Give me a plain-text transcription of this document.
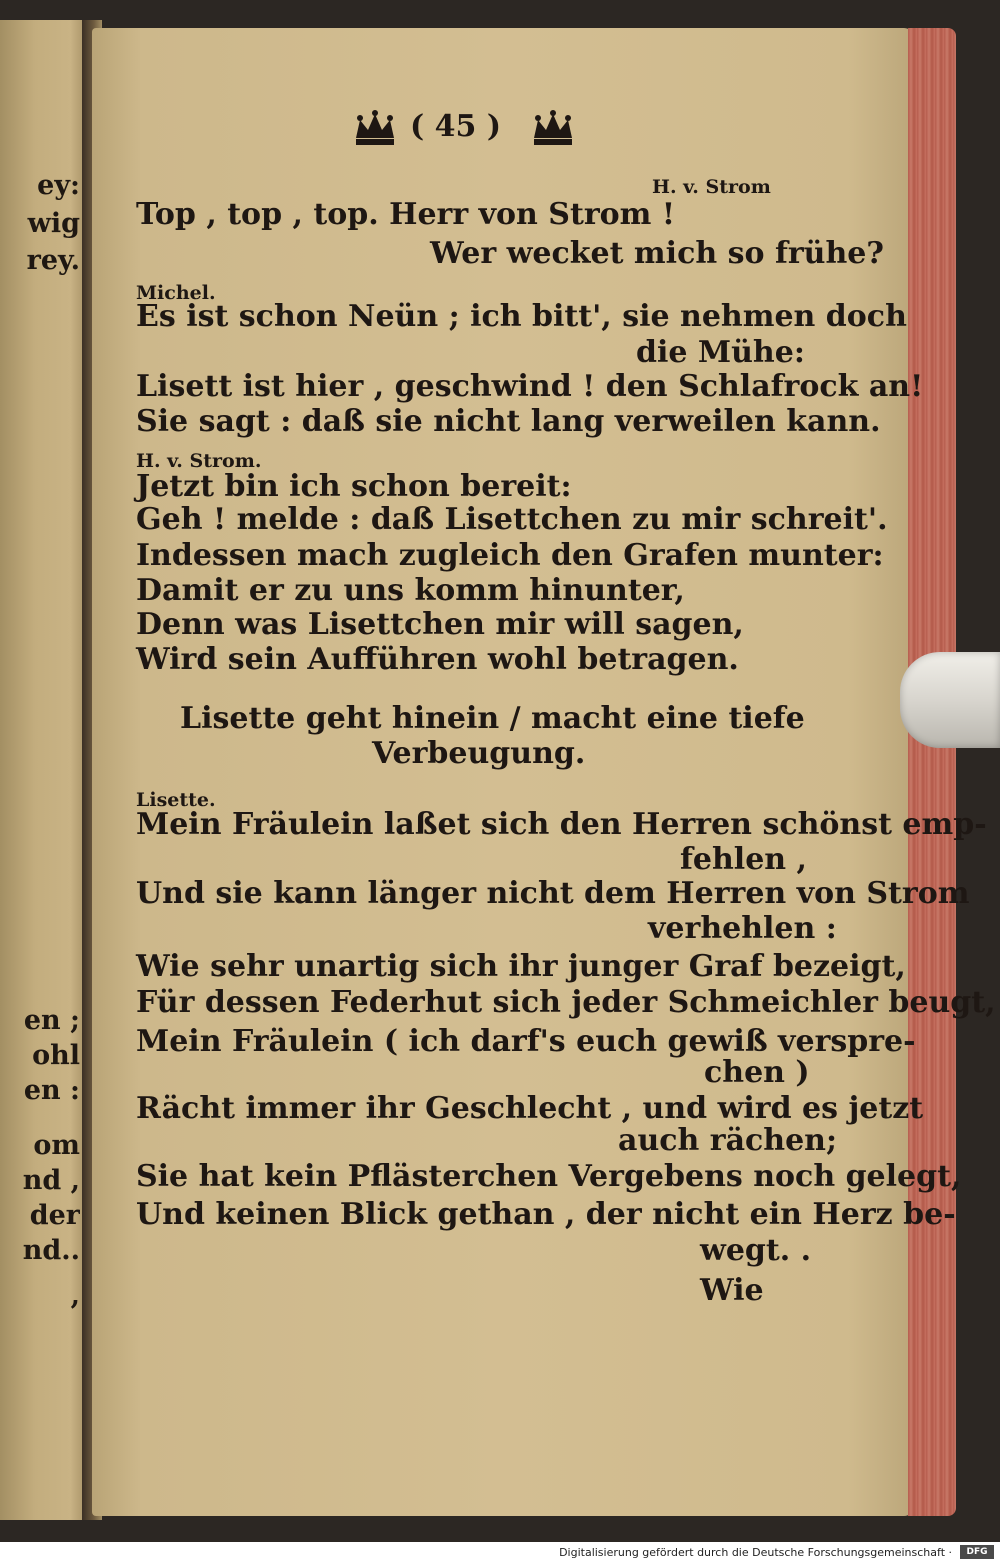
ey:
wig
rey.
en ;
ohl
en :
om
nd ,
der
nd..
,
( 45 )
H. v. Strom
Top , top , top. Herr von Strom !
Wer wecket mich so frühe?
Michel.
Es ist schon Neün ; ich bitt', sie nehmen doch
die Mühe:
Lisett ist hier , geschwind ! den Schlafrock an!
Sie sagt : daß sie nicht lang verweilen kann.
H. v. Strom.
Jetzt bin ich schon bereit:
Geh ! melde : daß Lisettchen zu mir schreit'.
Indessen mach zugleich den Grafen munter:
Damit er zu uns komm hinunter,
Denn was Lisettchen mir will sagen,
Wird sein Aufführen wohl betragen.
Lisette geht hinein / macht eine tiefe
Verbeugung.
Lisette.
Mein Fräulein laßet sich den Herren schönst emp-
fehlen ,
Und sie kann länger nicht dem Herren von Strom
verhehlen :
Wie sehr unartig sich ihr junger Graf bezeigt,
Für dessen Federhut sich jeder Schmeichler beugt,
Mein Fräulein ( ich darf's euch gewiß verspre-
chen )
Rächt immer ihr Geschlecht , und wird es jetzt
auch rächen;
Sie hat kein Pflästerchen Vergebens noch gelegt,
Und keinen Blick gethan , der nicht ein Herz be-
wegt. .
Wie
Digitalisierung gefördert durch die Deutsche Forschungsgemeinschaft ·	DFG
